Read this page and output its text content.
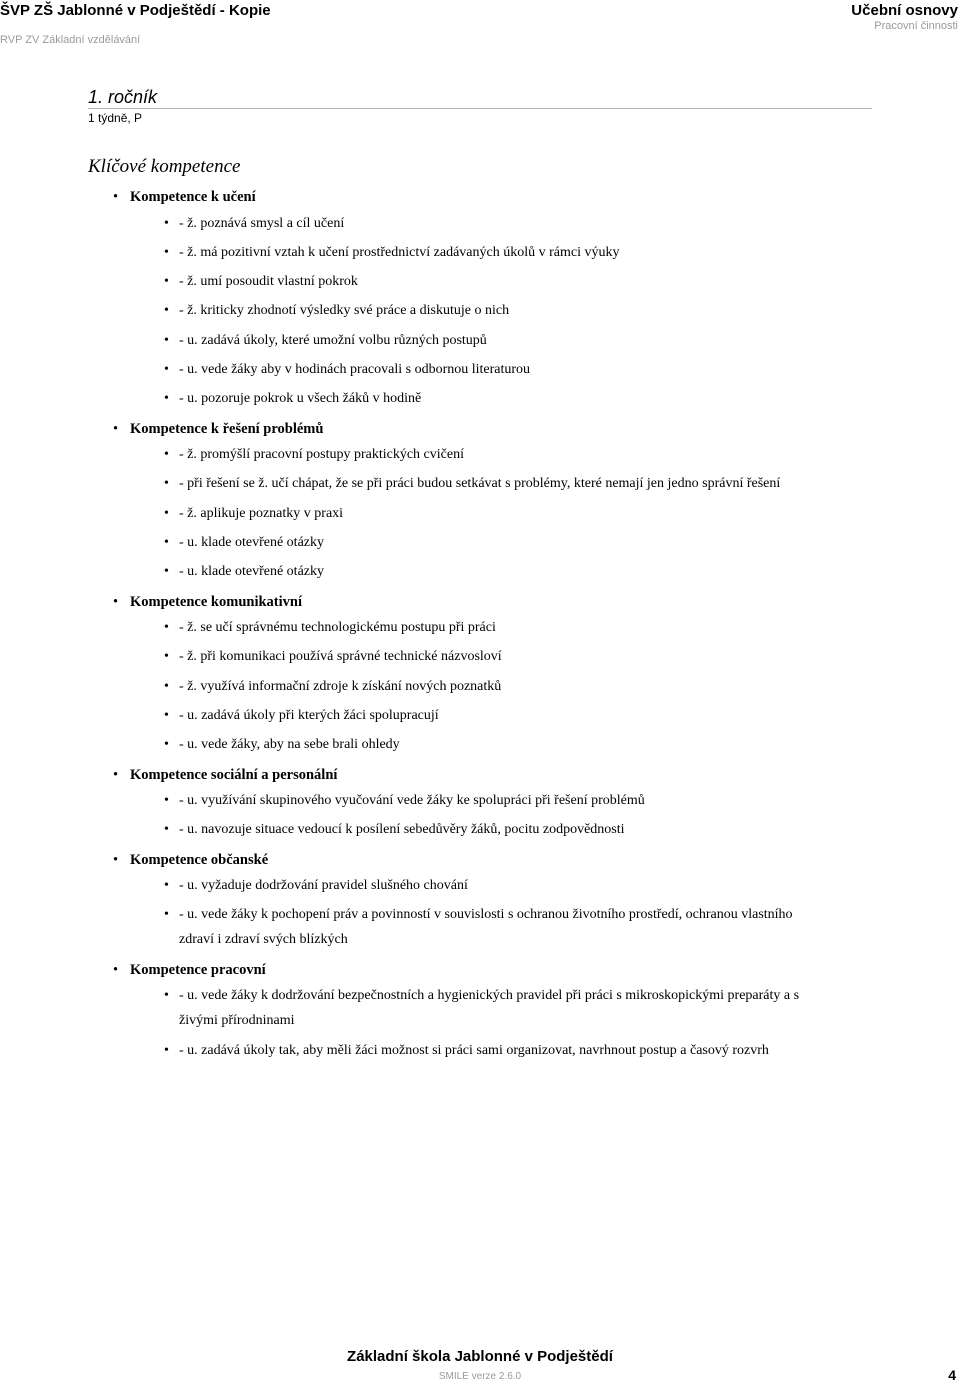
ŠVP ZŠ Jablonné v Podještědí - Kopie
RVP ZV Základní vzdělávání
Učební osnovy
Pracovní činnosti
1. ročník
1 týdně, P
Klíčové kompetence
• Kompetence k učení
• - ž. poznává smysl a cíl učení
• - ž. má pozitivní vztah k učení prostřednictví zadávaných úkolů v rámci výuky
• - ž. umí posoudit vlastní pokrok
• - ž. kriticky zhodnotí výsledky své práce a diskutuje o nich
• - u. zadává úkoly, které umožní volbu různých postupů
• - u. vede žáky aby v hodinách pracovali s odbornou literaturou
• - u. pozoruje pokrok u všech žáků v hodině
• Kompetence k řešení problémů
• - ž. promýšlí pracovní postupy praktických cvičení
• - při řešení se ž. učí chápat, že se při práci budou setkávat s problémy, které nemají jen jedno správní řešení
• - ž. aplikuje poznatky v praxi
• - u. klade otevřené otázky
• - u. klade otevřené otázky
• Kompetence komunikativní
• - ž. se učí správnému technologickému postupu při práci
• - ž. při komunikaci používá správné technické názvosloví
• - ž. využívá informační zdroje k získání nových poznatků
• - u. zadává úkoly při kterých žáci spolupracují
• - u. vede žáky, aby na sebe brali ohledy
• Kompetence sociální a personální
• - u. využívání skupinového vyučování vede žáky ke spolupráci při řešení problémů
• - u. navozuje situace vedoucí k posílení sebedůvěry žáků, pocitu zodpovědnosti
• Kompetence občanské
• - u. vyžaduje dodržování pravidel slušného chování
• - u. vede žáky k pochopení práv a povinností v souvislosti s ochranou životního prostředí, ochranou vlastního zdraví i zdraví svých blízkých
• Kompetence pracovní
• - u. vede žáky k dodržování bezpečnostních a hygienických pravidel při práci s mikroskopickými preparáty a s živými přírodninami
• - u. zadává úkoly tak, aby měli žáci možnost si práci sami organizovat, navrhnout postup a časový rozvrh
Základní škola Jablonné v Podještědí
SMILE verze 2.6.0	4
